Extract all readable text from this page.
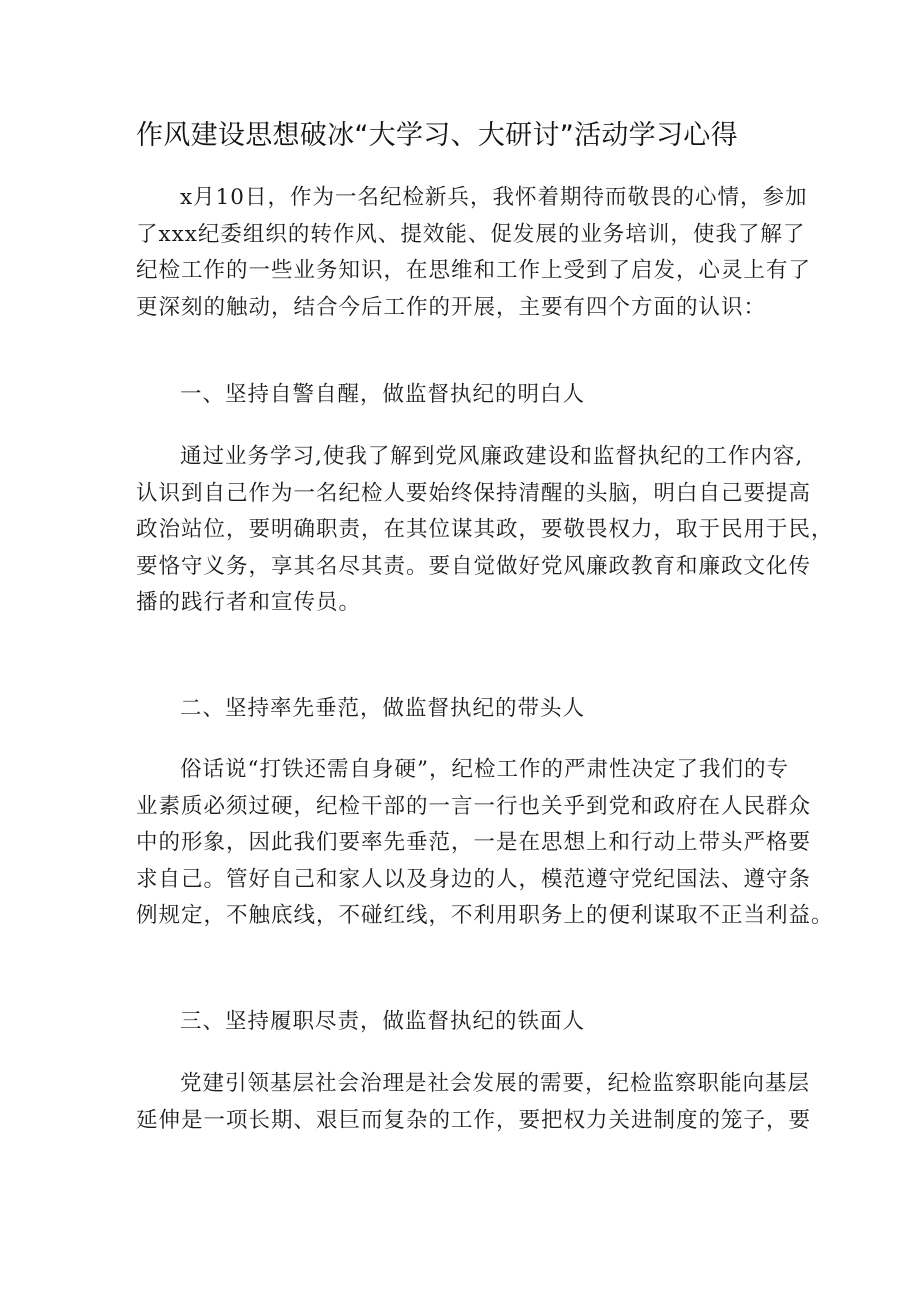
作风建设思想破冰“大学习、大研讨”活动学习心得
x月10日，作为一名纪检新兵，我怀着期待而敬畏的心情，参加
了xxx纪委组织的转作风、提效能、促发展的业务培训，使我了解了
纪检工作的一些业务知识，在思维和工作上受到了启发，心灵上有了
更深刻的触动，结合今后工作的开展，主要有四个方面的认识：
一、坚持自警自醒，做监督执纪的明白人
通过业务学习,使我了解到党风廉政建设和监督执纪的工作内容,
认识到自己作为一名纪检人要始终保持清醒的头脑，明白自己要提高
政治站位，要明确职责，在其位谋其政，要敬畏权力，取于民用于民，
要恪守义务，享其名尽其责。要自觉做好党风廉政教育和廉政文化传
播的践行者和宣传员。
二、坚持率先垂范，做监督执纪的带头人
俗话说“打铁还需自身硬”，纪检工作的严肃性决定了我们的专
业素质必须过硬，纪检干部的一言一行也关乎到党和政府在人民群众
中的形象，因此我们要率先垂范，一是在思想上和行动上带头严格要
求自己。管好自己和家人以及身边的人，模范遵守党纪国法、遵守条
例规定，不触底线，不碰红线，不利用职务上的便利谋取不正当利益。
三、坚持履职尽责，做监督执纪的铁面人
党建引领基层社会治理是社会发展的需要，纪检监察职能向基层
延伸是一项长期、艰巨而复杂的工作，要把权力关进制度的笼子，要
